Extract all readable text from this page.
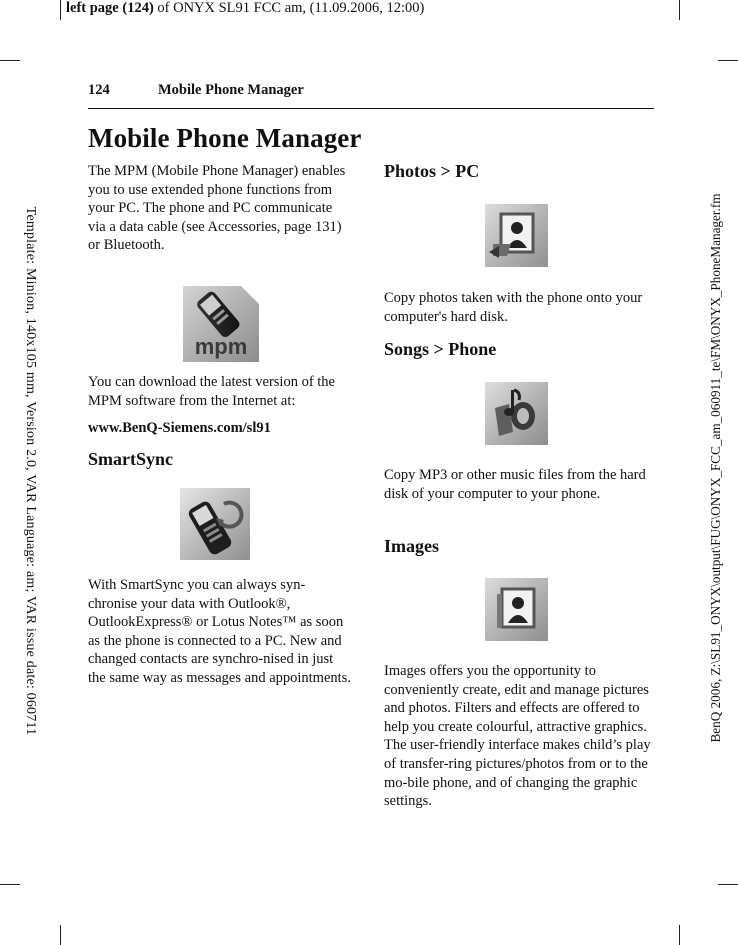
left page (124) of ONYX SL91 FCC am, (11.09.2006, 12:00)
Template: Minion, 140x105 mm, Version 2.0, VAR Language: am; VAR issue date: 060711	BenQ 2006, Z:\SL91_ONYX\output\FUG\ONYX_FCC_am_060911_te\FM\ONYX_PhoneManager.fm
124	Mobile Phone Manager
Mobile Phone Manager

The MPM (Mobile Phone Manager) enables you to use extended phone functions from your PC. The phone and PC communicate via a data cable (see Accessories, page 131) or Bluetooth.

mpm

You can download the latest version of the MPM software from the Internet at:

www.BenQ-Siemens.com/sl91

SmartSync

With SmartSync you can always syn-chronise your data with Outlook®, OutlookExpress® or Lotus Notes™ as soon as the phone is connected to a PC. New and changed contacts are synchro-nised in just the same way as messages and appointments.

Photos > PC

Copy photos taken with the phone onto your computer's hard disk.

Songs > Phone

Copy MP3 or other music files from the hard disk of your computer to your phone.

Images

Images offers you the opportunity to conveniently create, edit and manage pictures and photos. Filters and effects are offered to help you create colourful, attractive graphics. The user-friendly interface makes child’s play of transfer-ring pictures/photos from or to the mo-bile phone, and of changing the graphic settings.
